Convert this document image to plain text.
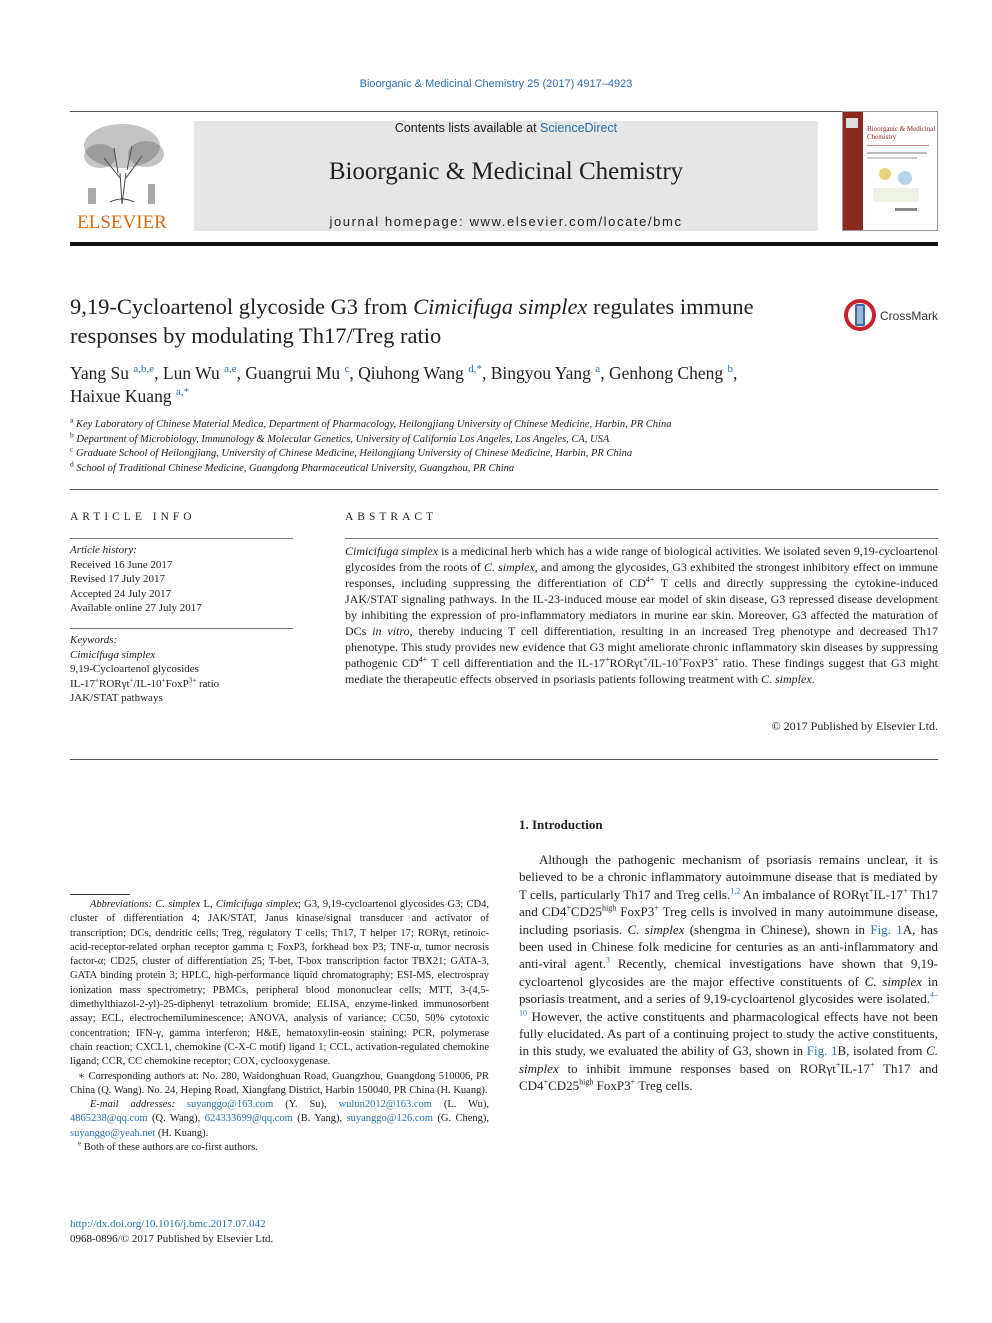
Bioorganic & Medicinal Chemistry 25 (2017) 4917–4923
ELSEVIER
Contents lists available at ScienceDirect
Bioorganic & Medicinal Chemistry
journal homepage: www.elsevier.com/locate/bmc
Bioorganic & Medicinal
Chemistry
9,19-Cycloartenol glycoside G3 from Cimicifuga simplex regulates immune responses by modulating Th17/Treg ratio
CrossMark
Yang Su $^{a,b,e}$, Lun Wu $^{a,e}$, Guangrui Mu $^c$, Qiuhong Wang $^{d,*}$, Bingyou Yang $^a$, Genhong Cheng $^b$,
Haixue Kuang $^{a,*}$
$^a$ Key Laboratory of Chinese Material Medica, Department of Pharmacology, Heilongjiang University of Chinese Medicine, Harbin, PR China
$^b$ Department of Microbiology, Immunology & Molecular Genetics, University of California Los Angeles, Los Angeles, CA, USA
$^c$ Graduate School of Heilongjiang, University of Chinese Medicine, Heilongjiang University of Chinese Medicine, Harbin, PR China
$^d$ School of Traditional Chinese Medicine, Guangdong Pharmaceutical University, Guangzhou, PR China
ARTICLE INFO
Article history:
Received 16 June 2017
Revised 17 July 2017
Accepted 24 July 2017
Available online 27 July 2017
Keywords:
Cimicifuga simplex
9,19-Cycloartenol glycosides
IL-17+RORγt+/IL-10+FoxP$^{3+}$ ratio
JAK/STAT pathways
ABSTRACT
Cimicifuga simplex is a medicinal herb which has a wide range of biological activities. We isolated seven 9,19-cycloartenol glycosides from the roots of C. simplex, and among the glycosides, G3 exhibited the strongest inhibitory effect on immune responses, including suppressing the differentiation of $CD^{4+}$ T cells and directly suppressing the cytokine-induced JAK/STAT signaling pathways. In the IL-23-induced mouse ear model of skin disease, G3 repressed disease development by inhibiting the expression of pro-inflammatory mediators in murine ear skin. Moreover, G3 affected the maturation of DCs in vitro, thereby inducing T cell differentiation, resulting in an increased Treg phenotype and decreased Th17 phenotype. This study provides new evidence that G3 might ameliorate chronic inflammatory skin diseases by suppressing pathogenic $CD^{4+}$ T cell differentiation and the IL-17+RORγt+/IL-10+FoxP3+ ratio. These findings suggest that G3 might mediate the therapeutic effects observed in psoriasis patients following treatment with C. simplex.
© 2017 Published by Elsevier Ltd.
1. Introduction
Although the pathogenic mechanism of psoriasis remains unclear, it is believed to be a chronic inflammatory autoimmune disease that is mediated by T cells, particularly Th17 and Treg cells.$^{1,2}$ An imbalance of RORγt+IL-17+ Th17 and $CD4^+CD25^{high}$ FoxP3+ Treg cells is involved in many autoimmune disease, including psoriasis. C. simplex (shengma in Chinese), shown in Fig. 1A, has been used in Chinese folk medicine for centuries as an anti-inflammatory and anti-viral agent.$^3$ Recently, chemical investigations have shown that 9,19-cycloartenol glycosides are the major effective constituents of C. simplex in psoriasis treatment, and a series of 9,19-cycloartenol glycosides were isolated.$^{4-10}$ However, the active constituents and pharmacological effects have not been fully elucidated. As part of a continuing project to study the active constituents, in this study, we evaluated the ability of G3, shown in Fig. 1B, isolated from C. simplex to inhibit immune responses based on RORγt+IL-17+ Th17 and $CD4^+CD25^{high}$ FoxP3+ Treg cells.

Abbreviations: C. simplex L, Cimicifuga simplex; G3, 9,19-cycloartenol glycosides G3; CD4, cluster of differentiation 4; JAK/STAT, Janus kinase/signal transducer and activator of transcription; DCs, dendritic cells; Treg, regulatory T cells; Th17, T helper 17; RORγt, retinoic-acid-receptor-related orphan receptor gamma t; FoxP3, forkhead box P3; TNF-α, tumor necrosis factor-α; CD25, cluster of differentiation 25; T-bet, T-box transcription factor TBX21; GATA-3, GATA binding protein 3; HPLC, high-performance liquid chromatography; ESI-MS, electrospray ionization mass spectrometry; PBMCs, peripheral blood mononuclear cells; MTT, 3-(4,5-dimethylthiazol-2-yl)-25-diphenyl tetrazolium bromide; ELISA, enzyme-linked immunosorbent assay; ECL, electrochemiluminescence; ANOVA, analysis of variance; CC50, 50% cytotoxic concentration; IFN-γ, gamma interferon; H&E, hematoxylin-eosin staining; PCR, polymerase chain reaction; CXCL1, chemokine (C-X-C motif) ligand 1; CCL, activation-regulated chemokine ligand; CCR, CC chemokine receptor; COX, cyclooxygenase.

∗ Corresponding authors at: No. 280, Waidonghuan Road, Guangzhou, Guangdong 510006, PR China (Q. Wang). No. 24, Heping Road, Xiangfang District, Harbin 150040, PR China (H. Kuang).

E-mail addresses: suyanggo@163.com (Y. Su), wulun2012@163.com (L. Wu), 4865238@qq.com (Q. Wang), 624333699@qq.com (B. Yang), suyanggo@126.com (G. Cheng), suyanggo@yeah.net (H. Kuang).

$^e$ Both of these authors are co-first authors.

http://dx.doi.org/10.1016/j.bmc.2017.07.042
0968-0896/© 2017 Published by Elsevier Ltd.
